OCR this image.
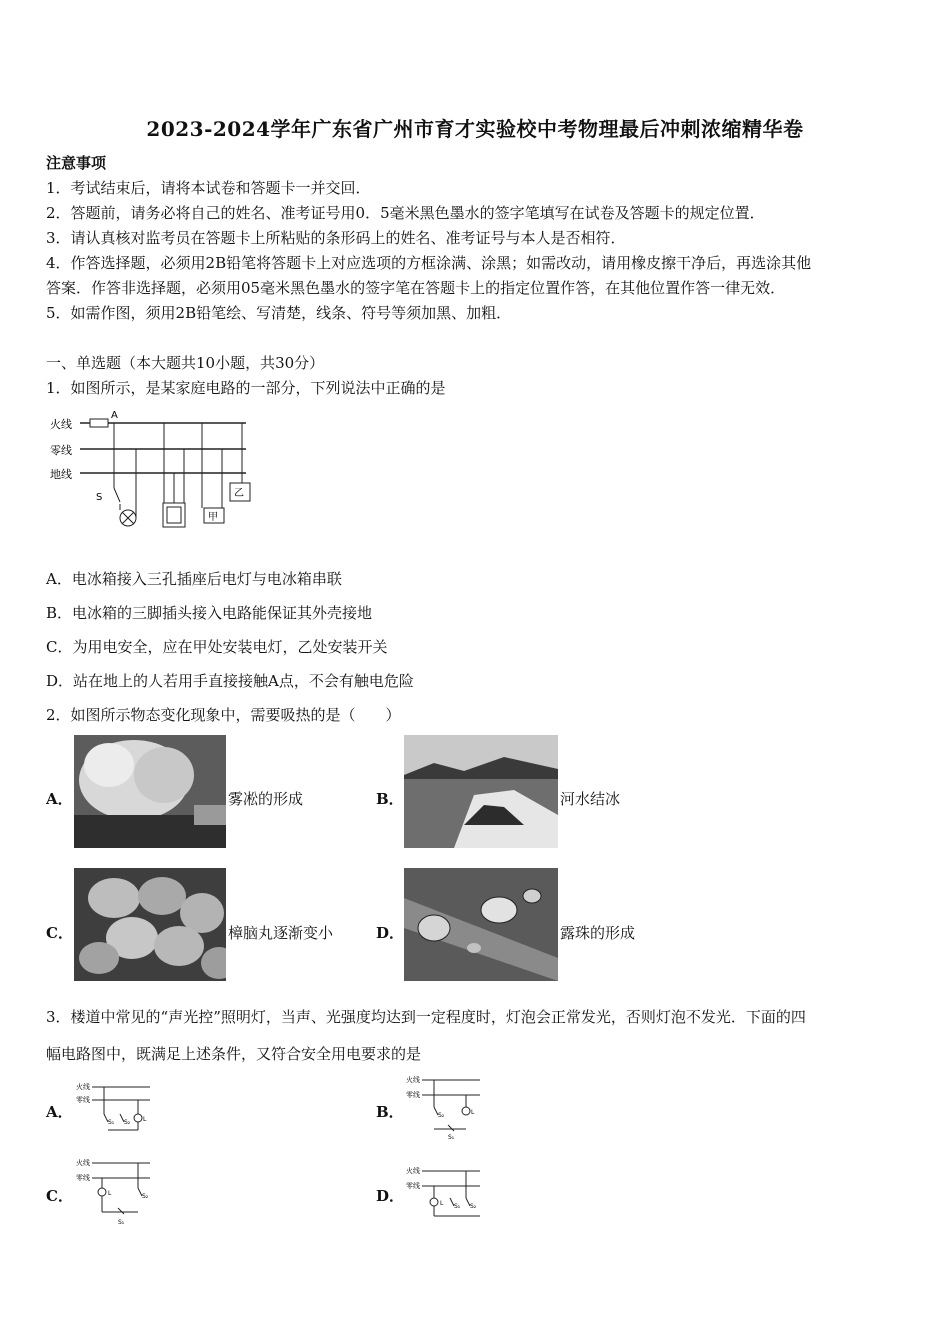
2023-2024学年广东省广州市育才实验校中考物理最后冲刺浓缩精华卷
注意事项
1．考试结束后，请将本试卷和答题卡一并交回．
2．答题前，请务必将自己的姓名、准考证号用0．5毫米黑色墨水的签字笔填写在试卷及答题卡的规定位置．
3．请认真核对监考员在答题卡上所粘贴的条形码上的姓名、准考证号与本人是否相符．
4．作答选择题，必须用2B铅笔将答题卡上对应选项的方框涂满、涂黑；如需改动，请用橡皮擦干净后，再选涂其他
答案．作答非选择题，必须用05毫米黑色墨水的签字笔在答题卡上的指定位置作答，在其他位置作答一律无效．
5．如需作图，须用2B铅笔绘、写清楚，线条、符号等须加黑、加粗．
一、单选题（本大题共10小题，共30分）
1．如图所示，是某家庭电路的一部分，下列说法中正确的是
火线
零线
地线
A
S
甲
乙
A．电冰箱接入三孔插座后电灯与电冰箱串联
B．电冰箱的三脚插头接入电路能保证其外壳接地
C．为用电安全，应在甲处安装电灯，乙处安装开关
D．站在地上的人若用手直接接触A点，不会有触电危险
2．如图所示物态变化现象中，需要吸热的是（　　）
A．	雾凇的形成	B．	河水结冰
C．	樟脑丸逐渐变小	D．	露珠的形成
3．楼道中常见的“声光控”照明灯，当声、光强度均达到一定程度时，灯泡会正常发光，否则灯泡不发光．下面的四
幅电路图中，既满足上述条件，又符合安全用电要求的是
A．
火线
零线
S₁ S₂ L	B．
火线
零线
S₂	L
S₁
C．
火线
零线
L	S₂
S₁
D．
火线
零线
L S₁ S₂
